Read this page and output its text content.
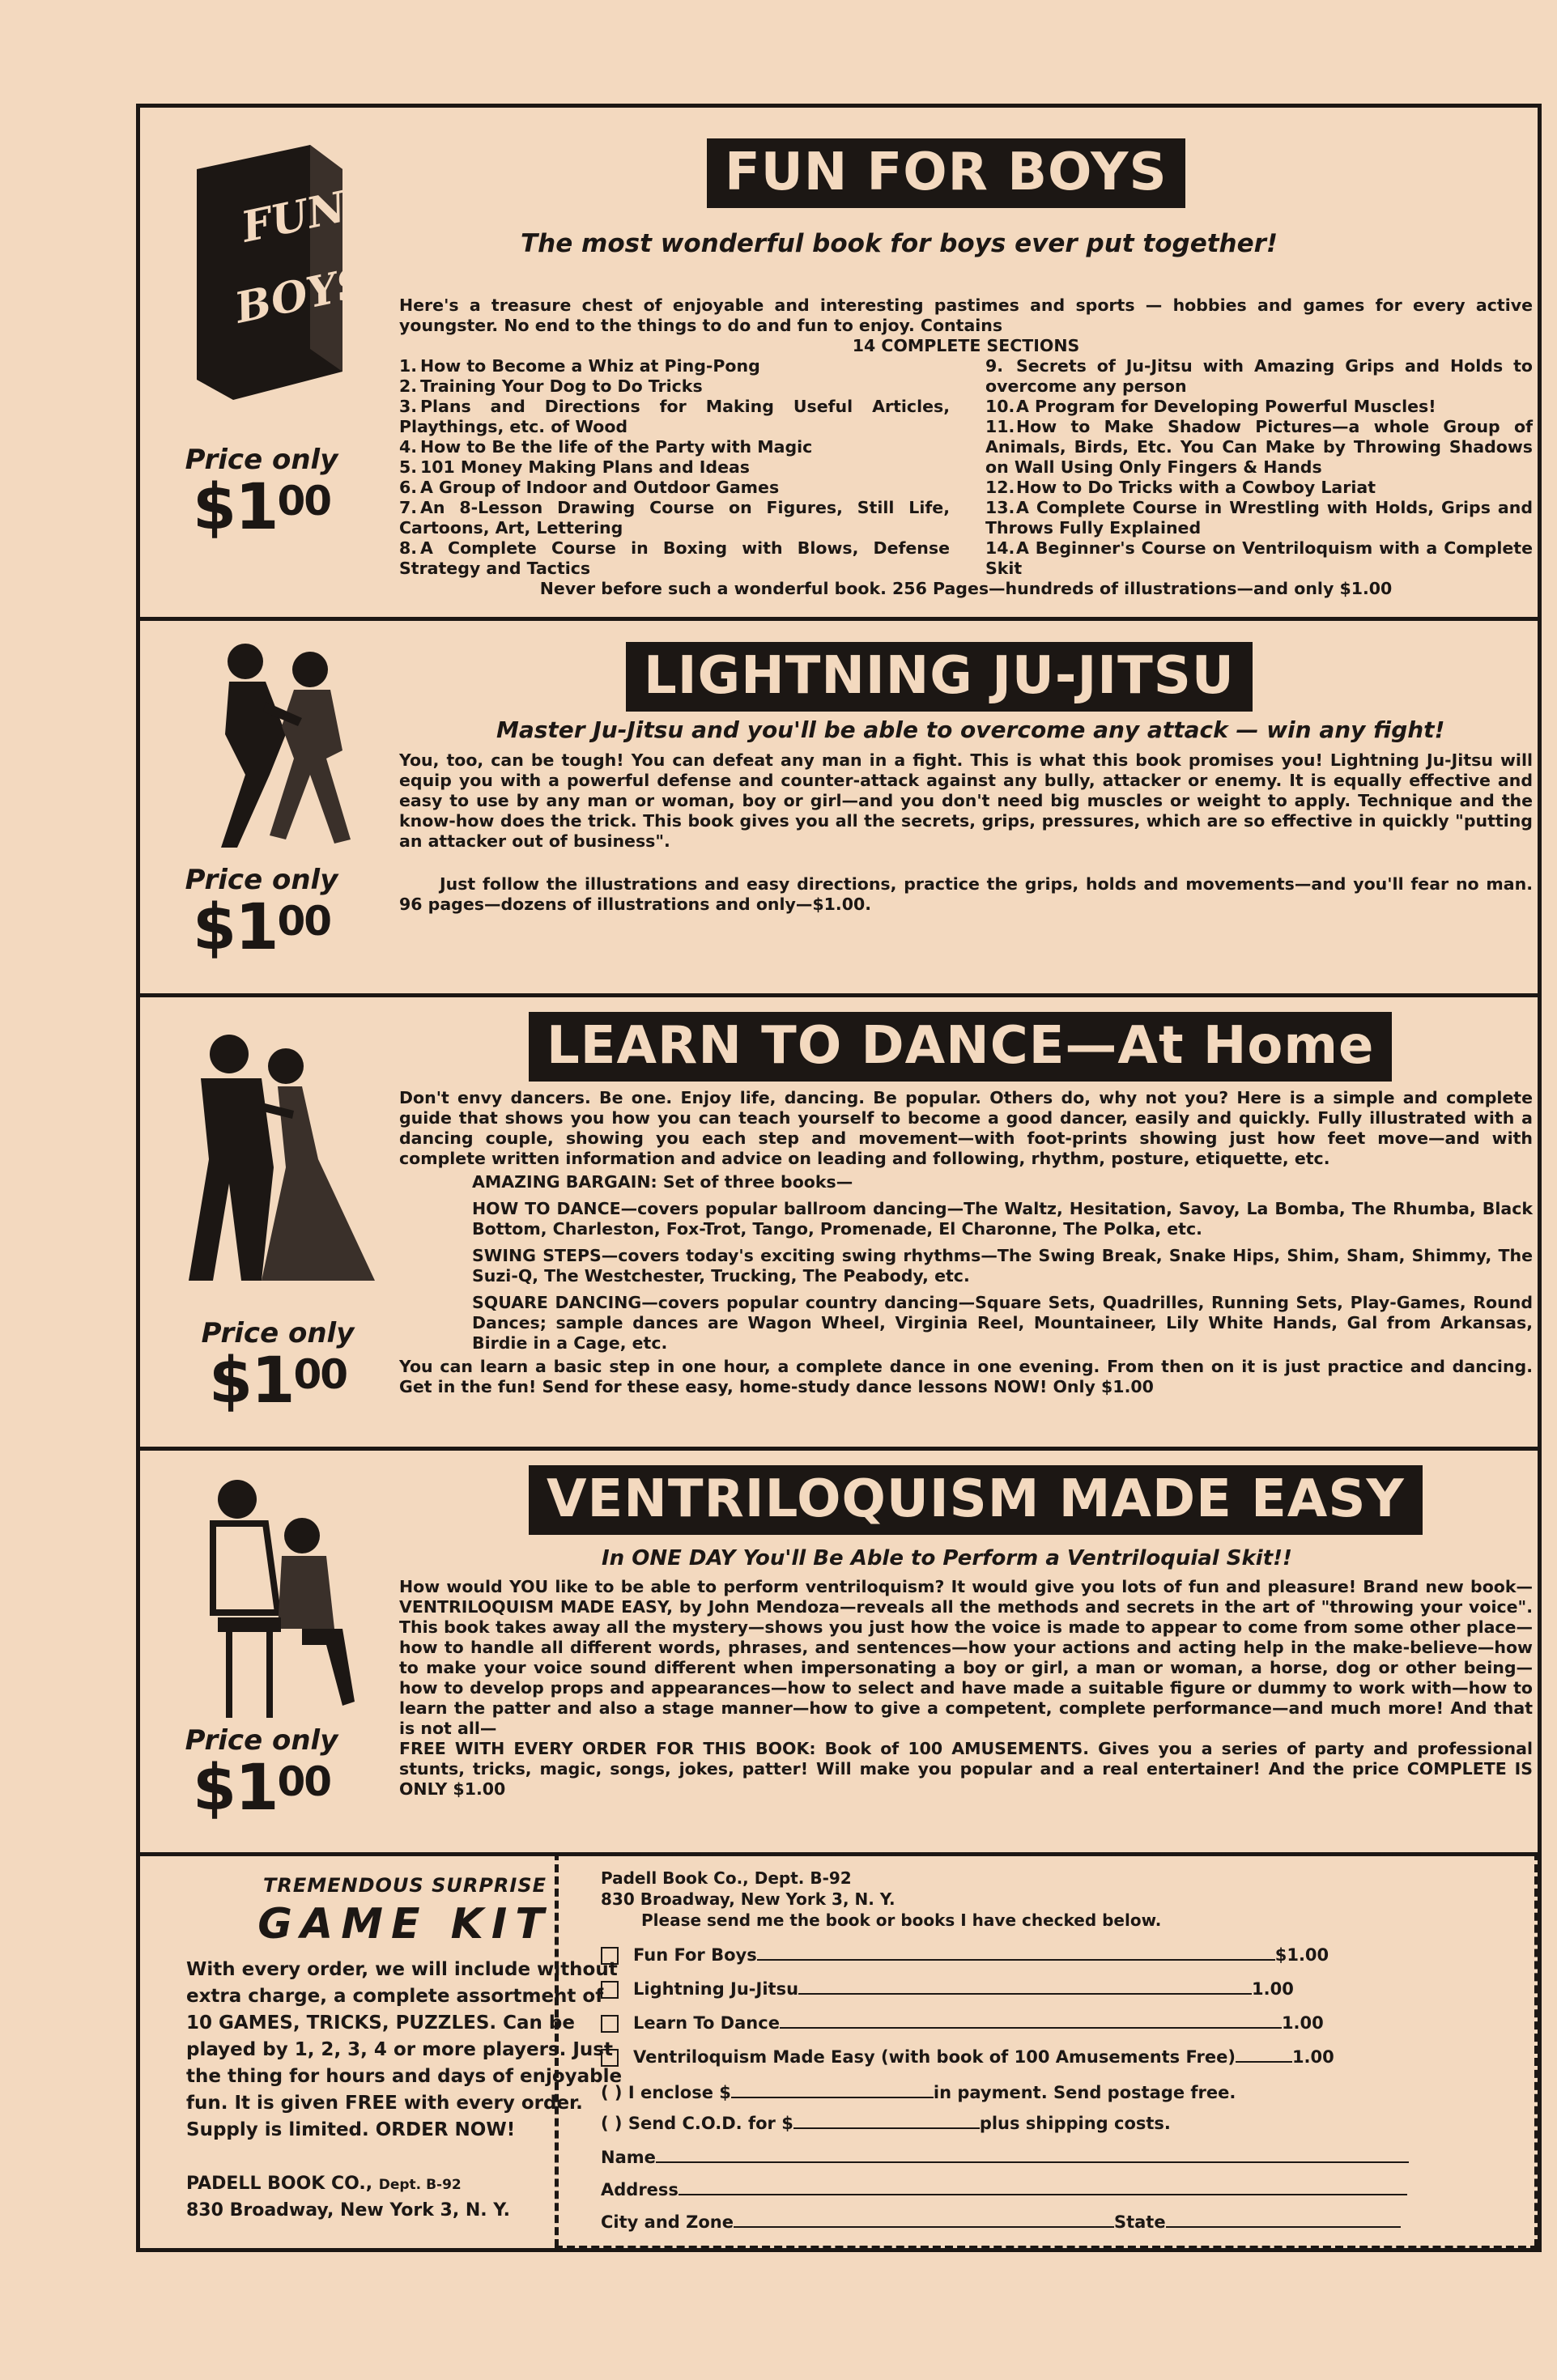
FUN
BOYS
Price only
$\$1^{00}$
FUN FOR BOYS
The most wonderful book for boys ever put together!

Here's a treasure chest of enjoyable and interesting pastimes and sports — hobbies and games for every active youngster. No end to the things to do and fun to enjoy. Contains

14 COMPLETE SECTIONS

1. How to Become a Whiz at Ping-Pong
2. Training Your Dog to Do Tricks
3. Plans and Directions for Making Useful Articles, Playthings, etc. of Wood
4. How to Be the life of the Party with Magic
5. 101 Money Making Plans and Ideas
6. A Group of Indoor and Outdoor Games
7. An 8-Lesson Drawing Course on Figures, Still Life, Cartoons, Art, Lettering
8. A Complete Course in Boxing with Blows, Defense Strategy and Tactics
9. Secrets of Ju-Jitsu with Amazing Grips and Holds to overcome any person
10.A Program for Developing Powerful Muscles!
11.How to Make Shadow Pictures—a whole Group of Animals, Birds, Etc. You Can Make by Throwing Shadows on Wall Using Only Fingers & Hands
12.How to Do Tricks with a Cowboy Lariat
13.A Complete Course in Wrestling with Holds, Grips and Throws Fully Explained
14.A Beginner's Course on Ventriloquism with a Complete Skit

Never before such a wonderful book. 256 Pages—hundreds of illustrations—and only $1.00

Price only
$\$1^{00}$
LIGHTNING JU-JITSU
Master Ju-Jitsu and you'll be able to overcome any attack — win any fight!

You, too, can be tough! You can defeat any man in a fight. This is what this book promises you! Lightning Ju-Jitsu will equip you with a powerful defense and counter-attack against any bully, attacker or enemy. It is equally effective and easy to use by any man or woman, boy or girl—and you don't need big muscles or weight to apply. Technique and the know-how does the trick. This book gives you all the secrets, grips, pressures, which are so effective in quickly "putting an attacker out of business".

Just follow the illustrations and easy directions, practice the grips, holds and movements—and you'll fear no man. 96 pages—dozens of illustrations and only—$1.00.

Price only
$\$1^{00}$
LEARN TO DANCE—At Home

Don't envy dancers. Be one. Enjoy life, dancing. Be popular. Others do, why not you? Here is a simple and complete guide that shows you how you can teach yourself to become a good dancer, easily and quickly. Fully illustrated with a dancing couple, showing you each step and movement—with foot-prints showing just how feet move—and with complete written information and advice on leading and following, rhythm, posture, etiquette, etc.

AMAZING BARGAIN: Set of three books—

HOW TO DANCE—covers popular ballroom dancing—The Waltz, Hesitation, Savoy, La Bomba, The Rhumba, Black Bottom, Charleston, Fox-Trot, Tango, Promenade, El Charonne, The Polka, etc.

SWING STEPS—covers today's exciting swing rhythms—The Swing Break, Snake Hips, Shim, Sham, Shimmy, The Suzi-Q, The Westchester, Trucking, The Peabody, etc.

SQUARE DANCING—covers popular country dancing—Square Sets, Quadrilles, Running Sets, Play-Games, Round Dances; sample dances are Wagon Wheel, Virginia Reel, Mountaineer, Lily White Hands, Gal from Arkansas, Birdie in a Cage, etc.

You can learn a basic step in one hour, a complete dance in one evening. From then on it is just practice and dancing. Get in the fun! Send for these easy, home-study dance lessons NOW! Only $1.00

Price only
$\$1^{00}$
VENTRILOQUISM MADE EASY
In ONE DAY You'll Be Able to Perform a Ventriloquial Skit!!

How would YOU like to be able to perform ventriloquism? It would give you lots of fun and pleasure! Brand new book—VENTRILOQUISM MADE EASY, by John Mendoza—reveals all the methods and secrets in the art of "throwing your voice". This book takes away all the mystery—shows you just how the voice is made to appear to come from some other place—how to handle all different words, phrases, and sentences—how your actions and acting help in the make-believe—how to make your voice sound different when impersonating a boy or girl, a man or woman, a horse, dog or other being—how to develop props and appearances—how to select and have made a suitable figure or dummy to work with—how to learn the patter and also a stage manner—how to give a competent, complete performance—and much more! And that is not all—

FREE WITH EVERY ORDER FOR THIS BOOK: Book of 100 AMUSEMENTS. Gives you a series of party and professional stunts, tricks, magic, songs, jokes, patter! Will make you popular and a real entertainer! And the price COMPLETE IS ONLY $1.00

TREMENDOUS SURPRISE
GAME KIT
With every order, we will include without extra charge, a complete assortment of 10 GAMES, TRICKS, PUZZLES. Can be played by 1, 2, 3, 4 or more players. Just the thing for hours and days of enjoyable fun. It is given FREE with every order. Supply is limited. ORDER NOW!
PADELL BOOK CO., Dept. B-92
830 Broadway, New York 3, N. Y.
Padell Book Co., Dept. B-92
830 Broadway, New York 3, N. Y.
Please send me the book or books I have checked below.
Fun For Boys	$1.00
Lightning Ju-Jitsu	1.00
Learn To Dance	1.00
Ventriloquism Made Easy (with book of 100 Amusements Free)	1.00
( ) I enclose $	in payment. Send postage free.
( ) Send C.O.D. for $	plus shipping costs.
Name
Address
City and Zone	State
